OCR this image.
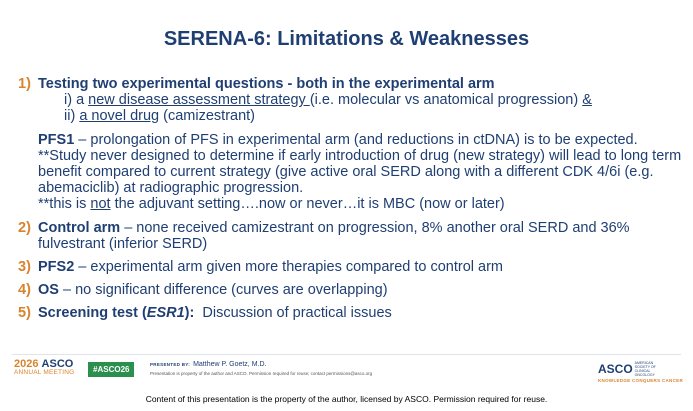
SERENA-6: Limitations & Weaknesses
1) Testing two experimental questions - both in the experimental arm
i) a new disease assessment strategy (i.e. molecular vs anatomical progression) &
ii) a novel drug (camizestrant)
PFS1 – prolongation of PFS in experimental arm (and reductions in ctDNA) is to be expected.
**Study never designed to determine if early introduction of drug (new strategy) will lead to long term benefit compared to current strategy (give active oral SERD along with a different CDK 4/6i (e.g. abemaciclib) at radiographic progression.
**this is not the adjuvant setting….now or never…it is MBC (now or later)
2) Control arm – none received camizestrant on progression, 8% another oral SERD and 36% fulvestrant (inferior SERD)
3) PFS2 – experimental arm given more therapies compared to control arm
4) OS – no significant difference (curves are overlapping)
5) Screening test (ESR1):  Discussion of practical issues
2026 ASCO
ANNUAL MEETING	#ASCO26
PRESENTED BY: Matthew P. Goetz, M.D.
Presentation is property of the author and ASCO. Permission required for reuse; contact permissions@asco.org	ASCO AMERICAN SOCIETY OF CLINICAL ONCOLOGY
KNOWLEDGE CONQUERS CANCER
Content of this presentation is the property of the author, licensed by ASCO. Permission required for reuse.
